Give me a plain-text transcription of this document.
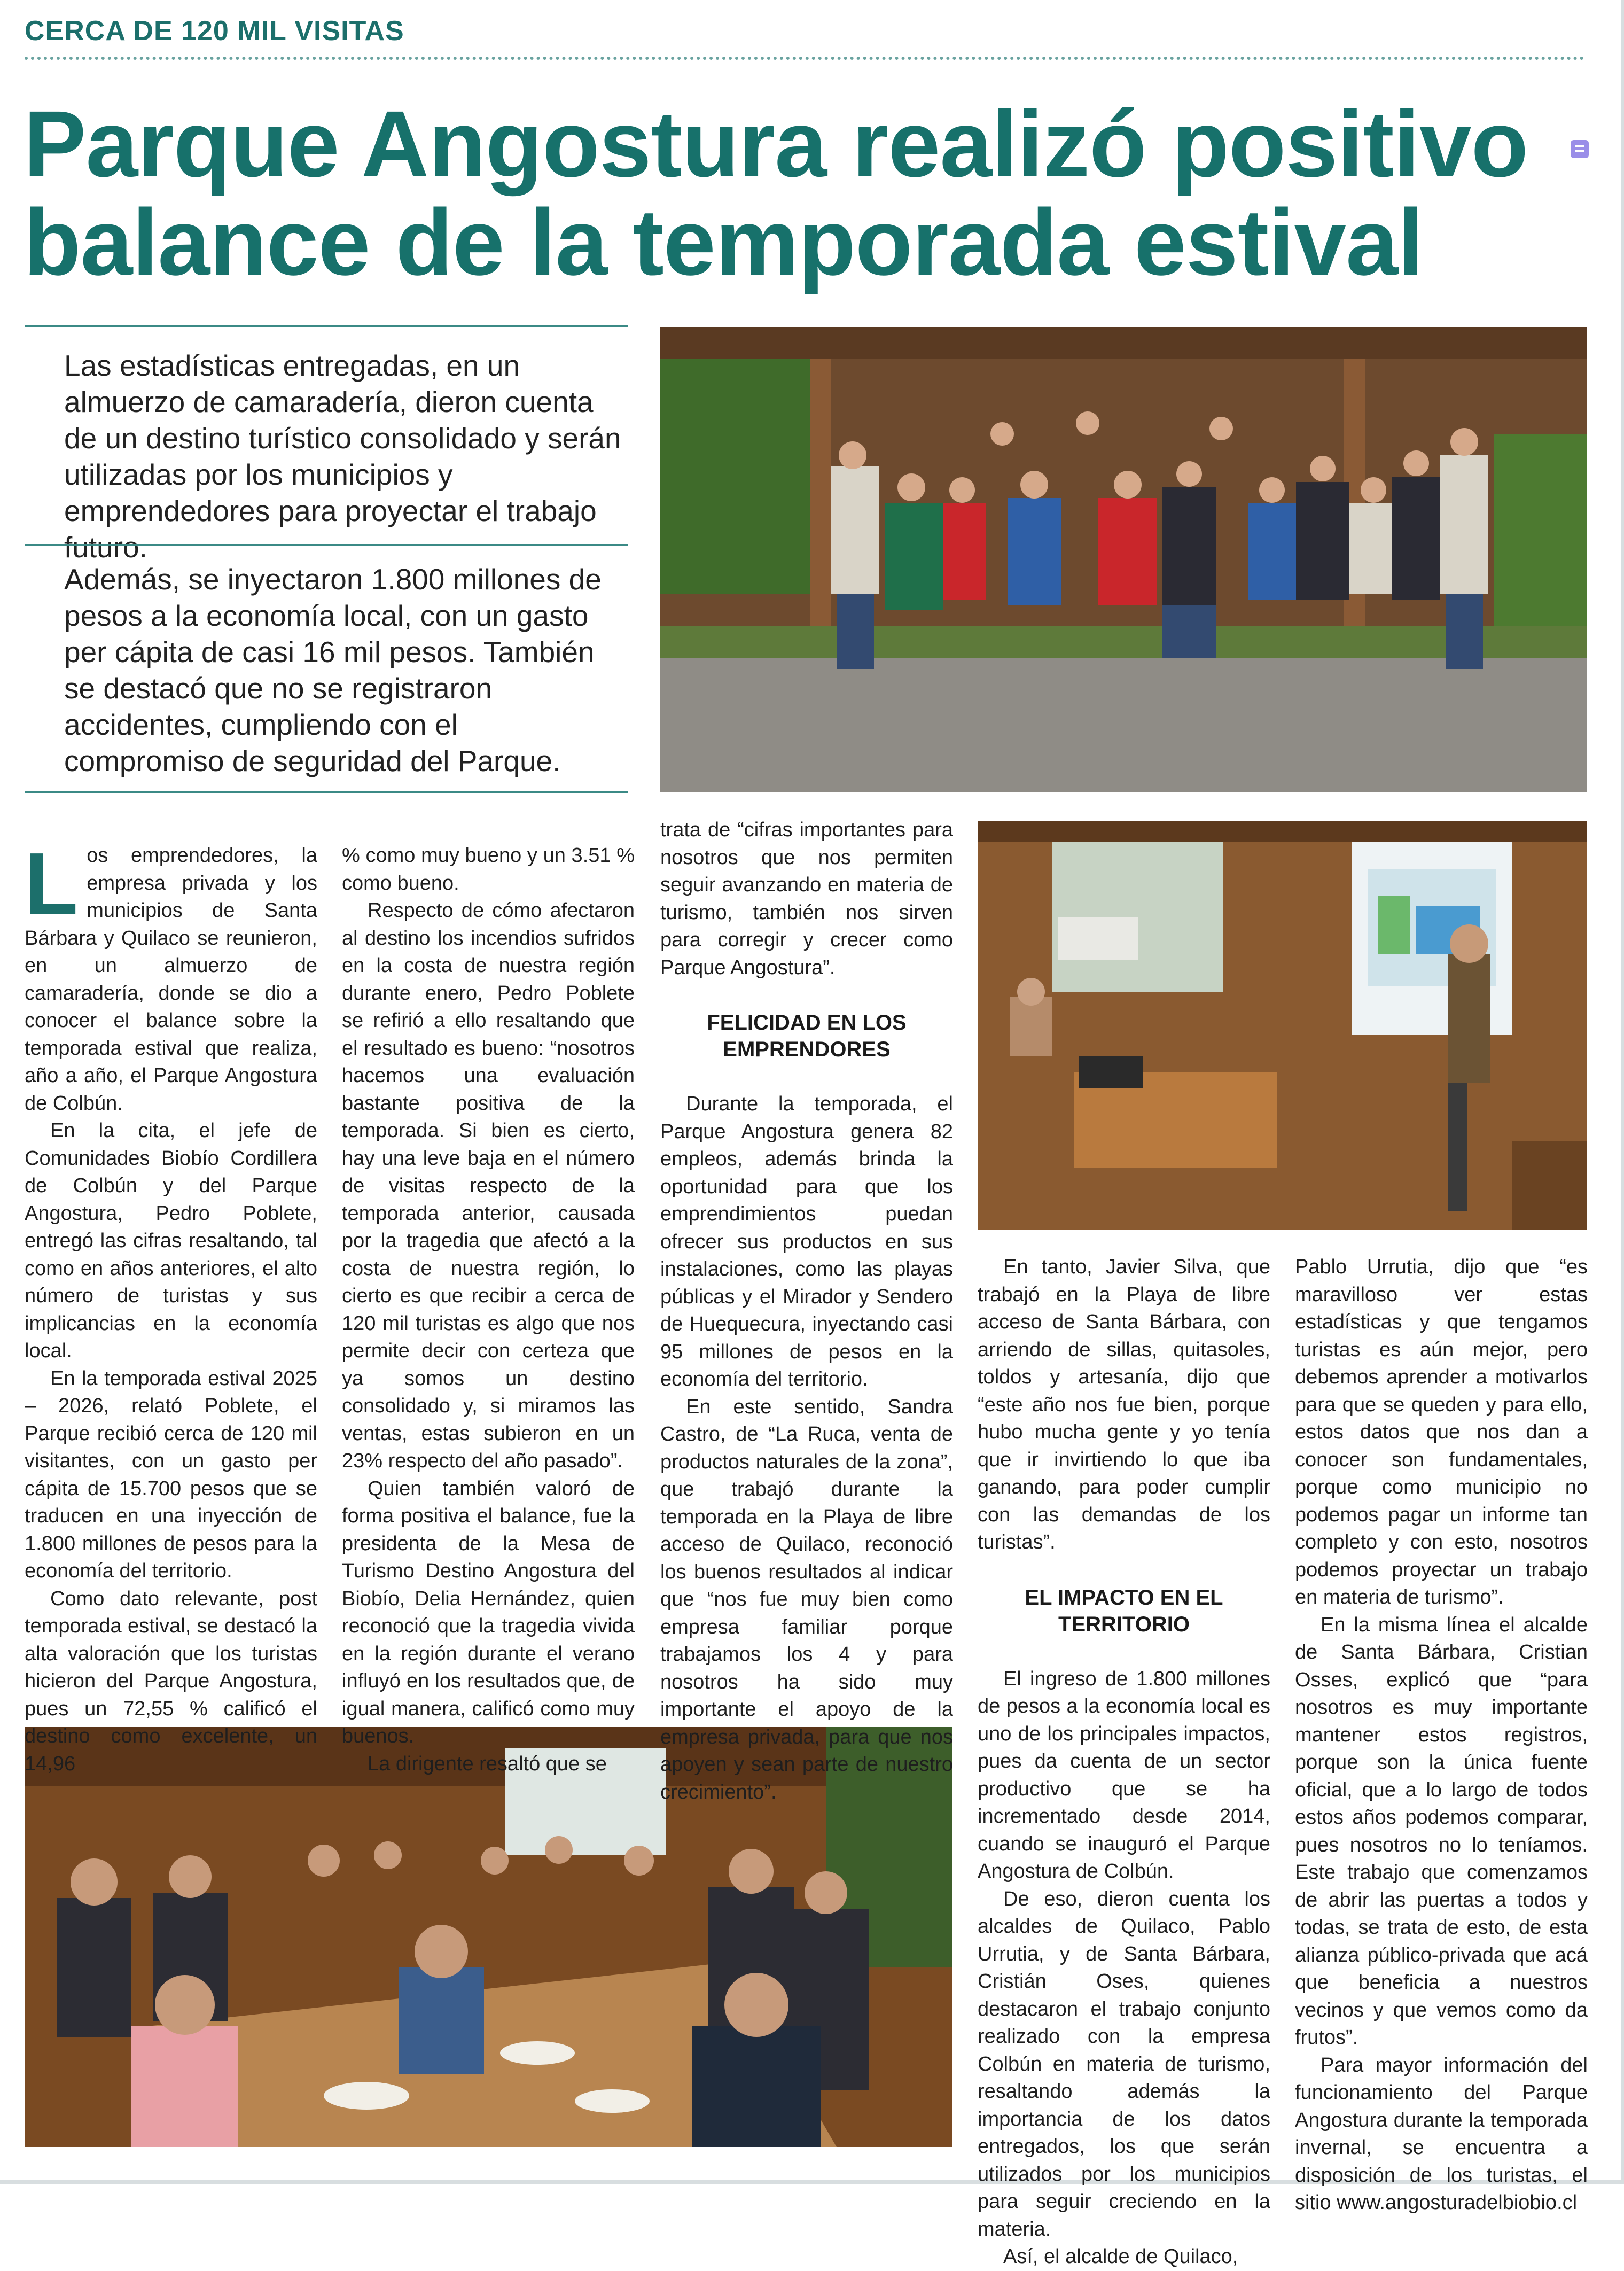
CERCA DE 120 MIL VISITAS
Parque Angostura realizó positivo balance de la temporada estival
Las estadísticas entregadas, en un almuerzo de camaradería, dieron cuenta de un destino turístico consolidado y serán utilizadas por los municipios y emprendedores para proyectar el trabajo futuro.
Además, se inyectaron 1.800 millones de pesos a la economía local, con un gasto per cápita de casi 16 mil pesos. También se destacó que no se registraron accidentes, cumpliendo con el compromiso de seguridad del Parque.

Los emprendedores, la empresa privada y los municipios de Santa Bárbara y Quilaco se reunieron, en un almuerzo de camaradería, donde se dio a conocer el balance sobre la temporada estival que realiza, año a año, el Parque Angostura de Colbún.

En la cita, el jefe de Comunidades Biobío Cordillera de Colbún y del Parque Angostura, Pedro Poblete, entregó las cifras resaltando, tal como en años anteriores, el alto número de turistas y sus implicancias en la economía local.

En la temporada estival 2025 – 2026, relató Poblete, el Parque recibió cerca de 120 mil visitantes, con un gasto per cápita de 15.700 pesos que se traducen en una inyección de 1.800 millones de pesos para la economía del territorio.

Como dato relevante, post temporada estival, se destacó la alta valoración que los turistas hicieron del Parque Angostura, pues un 72,55 % calificó el destino como excelente, un 14,96

% como muy bueno y un 3.51 % como bueno.

Respecto de cómo afectaron al destino los incendios sufridos en la costa de nuestra región durante enero, Pedro Poblete se refirió a ello resaltando que el resultado es bueno: “nosotros hacemos una evaluación bastante positiva de la temporada. Si bien es cierto, hay una leve baja en el número de visitas respecto de la temporada anterior, causada por la tragedia que afectó a la costa de nuestra región, lo cierto es que recibir a cerca de 120 mil turistas es algo que nos permite decir con certeza que ya somos un destino consolidado y, si miramos las ventas, estas subieron en un 23% respecto del año pasado”.

Quien también valoró de forma positiva el balance, fue la presidenta de la Mesa de Turismo Destino Angostura del Biobío, Delia Hernández, quien reconoció que la tragedia vivida en la región durante el verano influyó en los resultados que, de igual manera, calificó como muy buenos.

La dirigente resaltó que se

trata de “cifras importantes para nosotros que nos permiten seguir avanzando en materia de turismo, también nos sirven para corregir y crecer como Parque Angostura”.

FELICIDAD EN LOS EMPRENDORES

Durante la temporada, el Parque Angostura genera 82 empleos, además brinda la oportunidad para que los emprendimientos puedan ofrecer sus productos en sus instalaciones, como las playas públicas y el Mirador y Sendero de Huequecura, inyectando casi 95 millones de pesos en la economía del territorio.

En este sentido, Sandra Castro, de “La Ruca, venta de productos naturales de la zona”, que trabajó durante la temporada en la Playa de libre acceso de Quilaco, reconoció los buenos resultados al indicar que “nos fue muy bien como empresa familiar porque trabajamos los 4 y para nosotros ha sido muy importante el apoyo de la empresa privada, para que nos apoyen y sean parte de nuestro crecimiento”.

En tanto, Javier Silva, que trabajó en la Playa de libre acceso de Santa Bárbara, con arriendo de sillas, quitasoles, toldos y artesanía, dijo que “este año nos fue bien, porque hubo mucha gente y yo tenía que ir invirtiendo lo que iba ganando, para poder cumplir con las demandas de los turistas”.

EL IMPACTO EN EL TERRITORIO

El ingreso de 1.800 millones de pesos a la economía local es uno de los principales impactos, pues da cuenta de un sector productivo que se ha incrementado desde 2014, cuando se inauguró el Parque Angostura de Colbún.

De eso, dieron cuenta los alcaldes de Quilaco, Pablo Urrutia, y de Santa Bárbara, Cristián Oses, quienes destacaron el trabajo conjunto realizado con la empresa Colbún en materia de turismo, resaltando además la importancia de los datos entregados, los que serán utilizados por los municipios para seguir creciendo en la materia.

Así, el alcalde de Quilaco,

Pablo Urrutia, dijo que “es maravilloso ver estas estadísticas y que tengamos turistas es aún mejor, pero debemos aprender a motivarlos para que se queden y para ello, estos datos que nos dan a conocer son fundamentales, porque como municipio no podemos pagar un informe tan completo y con esto, nosotros podemos proyectar un trabajo en materia de turismo”.

En la misma línea el alcalde de Santa Bárbara, Cristian Osses, explicó que “para nosotros es muy importante mantener estos registros, porque son la única fuente oficial, que a lo largo de todos estos años podemos comparar, pues nosotros no lo teníamos. Este trabajo que comenzamos de abrir las puertas a todos y todas, se trata de esto, de esta alianza público-privada que acá que beneficia a nuestros vecinos y que vemos como da frutos”.

Para mayor información del funcionamiento del Parque Angostura durante la temporada invernal, se encuentra a disposición de los turistas, el sitio www.angosturadelbiobio.cl
